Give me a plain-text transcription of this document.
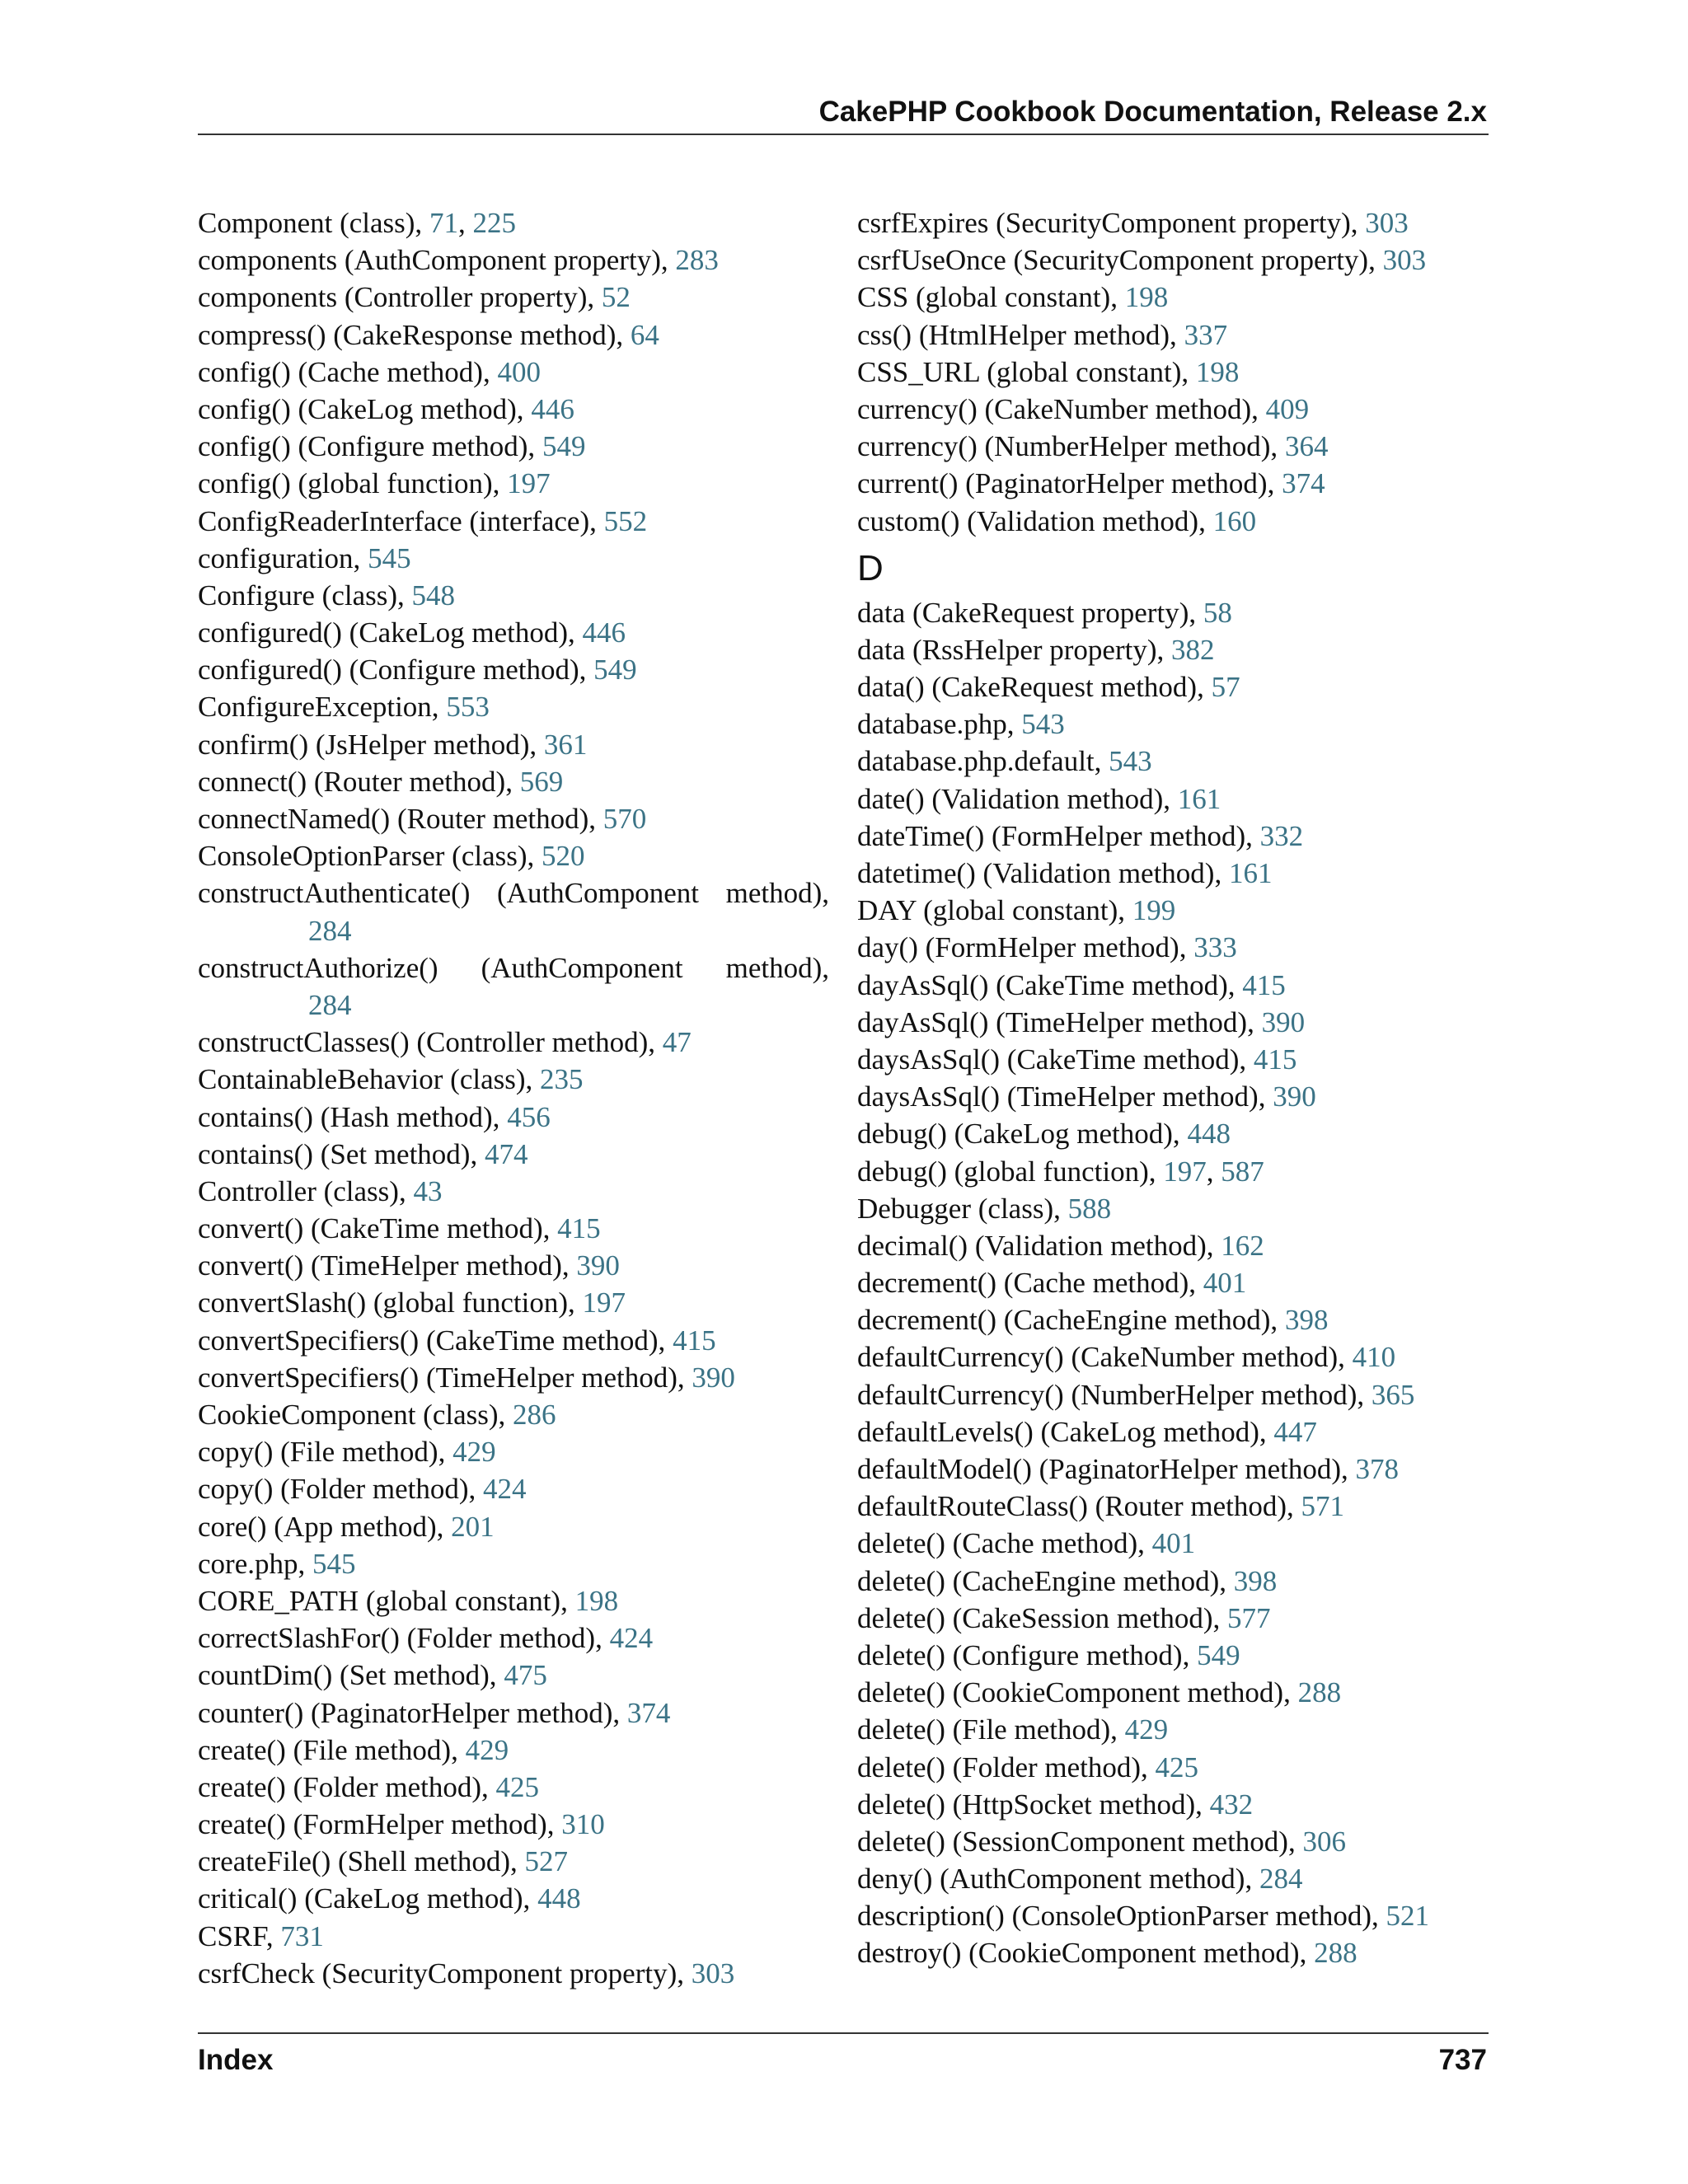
CakePHP Cookbook Documentation, Release 2.x
Component (class), 71, 225
components (AuthComponent property), 283
components (Controller property), 52
compress() (CakeResponse method), 64
config() (Cache method), 400
config() (CakeLog method), 446
config() (Configure method), 549
config() (global function), 197
ConfigReaderInterface (interface), 552
configuration, 545
Configure (class), 548
configured() (CakeLog method), 446
configured() (Configure method), 549
ConfigureException, 553
confirm() (JsHelper method), 361
connect() (Router method), 569
connectNamed() (Router method), 570
ConsoleOptionParser (class), 520
constructAuthenticate() (AuthComponent method),
284
constructAuthorize() (AuthComponent method),
284
constructClasses() (Controller method), 47
ContainableBehavior (class), 235
contains() (Hash method), 456
contains() (Set method), 474
Controller (class), 43
convert() (CakeTime method), 415
convert() (TimeHelper method), 390
convertSlash() (global function), 197
convertSpecifiers() (CakeTime method), 415
convertSpecifiers() (TimeHelper method), 390
CookieComponent (class), 286
copy() (File method), 429
copy() (Folder method), 424
core() (App method), 201
core.php, 545
CORE_PATH (global constant), 198
correctSlashFor() (Folder method), 424
countDim() (Set method), 475
counter() (PaginatorHelper method), 374
create() (File method), 429
create() (Folder method), 425
create() (FormHelper method), 310
createFile() (Shell method), 527
critical() (CakeLog method), 448
CSRF, 731
csrfCheck (SecurityComponent property), 303
csrfExpires (SecurityComponent property), 303
csrfUseOnce (SecurityComponent property), 303
CSS (global constant), 198
css() (HtmlHelper method), 337
CSS_URL (global constant), 198
currency() (CakeNumber method), 409
currency() (NumberHelper method), 364
current() (PaginatorHelper method), 374
custom() (Validation method), 160
D
data (CakeRequest property), 58
data (RssHelper property), 382
data() (CakeRequest method), 57
database.php, 543
database.php.default, 543
date() (Validation method), 161
dateTime() (FormHelper method), 332
datetime() (Validation method), 161
DAY (global constant), 199
day() (FormHelper method), 333
dayAsSql() (CakeTime method), 415
dayAsSql() (TimeHelper method), 390
daysAsSql() (CakeTime method), 415
daysAsSql() (TimeHelper method), 390
debug() (CakeLog method), 448
debug() (global function), 197, 587
Debugger (class), 588
decimal() (Validation method), 162
decrement() (Cache method), 401
decrement() (CacheEngine method), 398
defaultCurrency() (CakeNumber method), 410
defaultCurrency() (NumberHelper method), 365
defaultLevels() (CakeLog method), 447
defaultModel() (PaginatorHelper method), 378
defaultRouteClass() (Router method), 571
delete() (Cache method), 401
delete() (CacheEngine method), 398
delete() (CakeSession method), 577
delete() (Configure method), 549
delete() (CookieComponent method), 288
delete() (File method), 429
delete() (Folder method), 425
delete() (HttpSocket method), 432
delete() (SessionComponent method), 306
deny() (AuthComponent method), 284
description() (ConsoleOptionParser method), 521
destroy() (CookieComponent method), 288
Index	737
